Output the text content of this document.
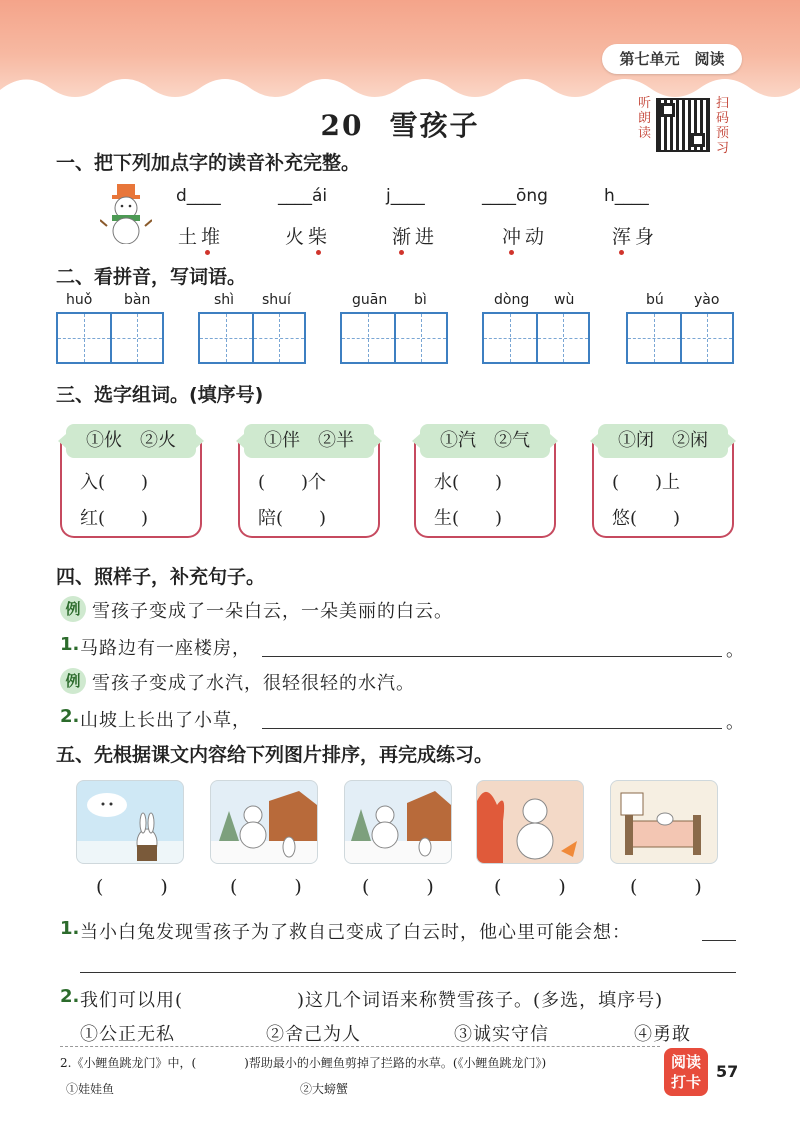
第七单元　阅读
20 雪孩子
听朗读
扫码预习
一、把下列加点字的读音补充完整。
d____	____ái	j____	____ōng	h____
土堆	火柴	渐进	冲动	浑身
二、看拼音，写词语。
huǒ bàn	shì shuí	guān bì	dòng wù	bú yào
三、选字组词。(填序号)
①伙　②火
入(　　)
红(　　)
①伴　②半
(　　)个
陪(　　)
①汽　②气
水(　　)
生(　　)
①闭　②闲
(　　)上
悠(　　)
四、照样子，补充句子。
例 雪孩子变成了一朵白云，一朵美丽的白云。
1. 马路边有一座楼房，	。
例 雪孩子变成了水汽，很轻很轻的水汽。
2. 山坡上长出了小草，	。
五、先根据课文内容给下列图片排序，再完成练习。
(　　　)	(　　　)	(　　　)	(　　　)	(　　　)
1. 当小白兔发现雪孩子为了救自己变成了白云时，他心里可能会想：
2. 我们可以用(　　　　　　)这几个词语来称赞雪孩子。(多选，填序号)
①公正无私	②舍己为人	③诚实守信	④勇敢
2.《小鲤鱼跳龙门》中，(　　　　)帮助最小的小鲤鱼剪掉了拦路的水草。(《小鲤鱼跳龙门》)
①娃娃鱼	②大螃蟹
阅读打卡
57
